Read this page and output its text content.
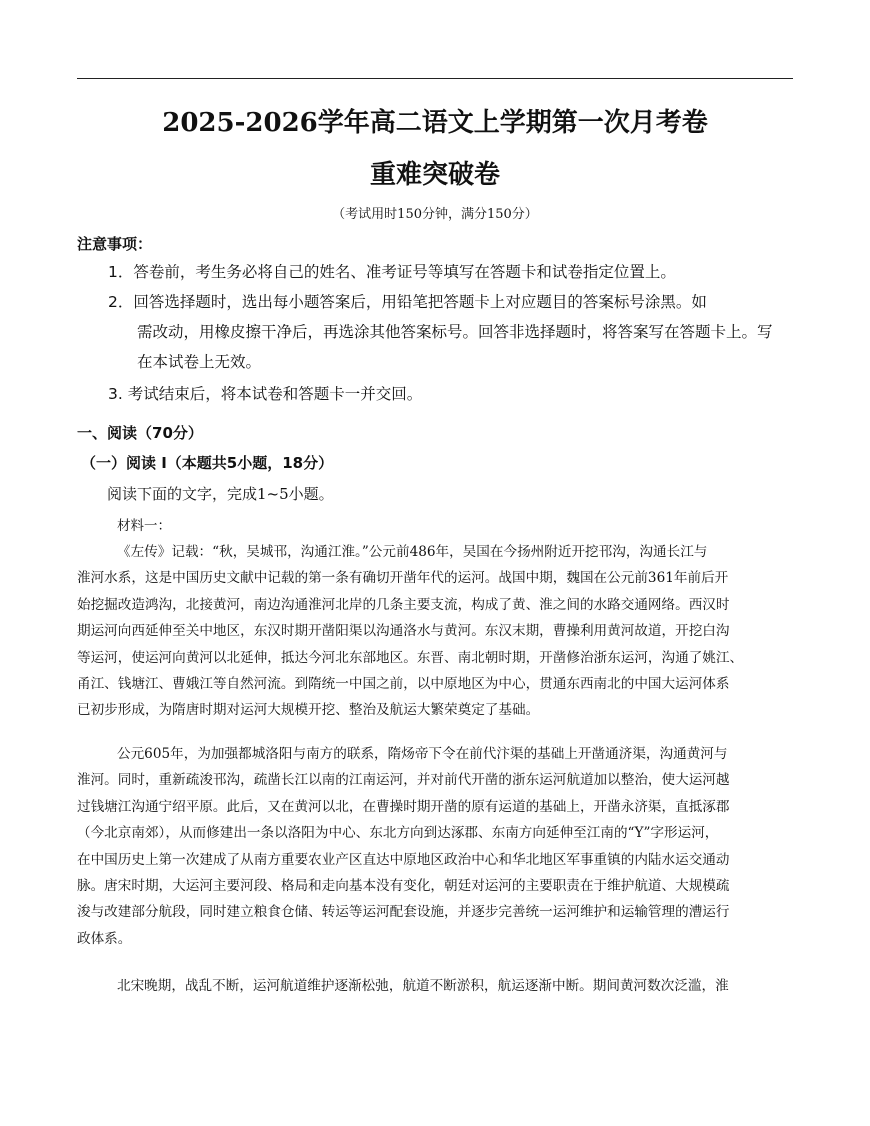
2025-2026学年高二语文上学期第一次月考卷
重难突破卷
（考试用时150分钟，满分150分）
注意事项：
1．答卷前，考生务必将自己的姓名、准考证号等填写在答题卡和试卷指定位置上。
2．回答选择题时，选出每小题答案后，用铅笔把答题卡上对应题目的答案标号涂黑。如
需改动，用橡皮擦干净后，再选涂其他答案标号。回答非选择题时，将答案写在答题卡上。写
在本试卷上无效。
3. 考试结束后，将本试卷和答题卡一并交回。
一、阅读（70分）
（一）阅读 I（本题共5小题，18分）
阅读下面的文字，完成1~5小题。
材料一：
《左传》记载：“秋，吴城邗，沟通江淮。”公元前486年，吴国在今扬州附近开挖邗沟，沟通长江与
淮河水系，这是中国历史文献中记载的第一条有确切开凿年代的运河。战国中期，魏国在公元前361年前后开
始挖掘改造鸿沟，北接黄河，南边沟通淮河北岸的几条主要支流，构成了黄、淮之间的水路交通网络。西汉时
期运河向西延伸至关中地区，东汉时期开凿阳渠以沟通洛水与黄河。东汉末期，曹操利用黄河故道，开挖白沟
等运河，使运河向黄河以北延伸，抵达今河北东部地区。东晋、南北朝时期，开凿修治浙东运河，沟通了姚江、
甬江、钱塘江、曹娥江等自然河流。到隋统一中国之前，以中原地区为中心，贯通东西南北的中国大运河体系
已初步形成，为隋唐时期对运河大规模开挖、整治及航运大繁荣奠定了基础。
公元605年，为加强都城洛阳与南方的联系，隋炀帝下令在前代汴渠的基础上开凿通济渠，沟通黄河与
淮河。同时，重新疏浚邗沟，疏凿长江以南的江南运河，并对前代开凿的浙东运河航道加以整治，使大运河越
过钱塘江沟通宁绍平原。此后，又在黄河以北，在曹操时期开凿的原有运道的基础上，开凿永济渠，直抵涿郡
（今北京南郊），从而修建出一条以洛阳为中心、东北方向到达涿郡、东南方向延伸至江南的“Y”字形运河，
在中国历史上第一次建成了从南方重要农业产区直达中原地区政治中心和华北地区军事重镇的内陆水运交通动
脉。唐宋时期，大运河主要河段、格局和走向基本没有变化，朝廷对运河的主要职责在于维护航道、大规模疏
浚与改建部分航段，同时建立粮食仓储、转运等运河配套设施，并逐步完善统一运河维护和运输管理的漕运行
政体系。
北宋晚期，战乱不断，运河航道维护逐渐松弛，航道不断淤积，航运逐渐中断。期间黄河数次泛滥，淮
